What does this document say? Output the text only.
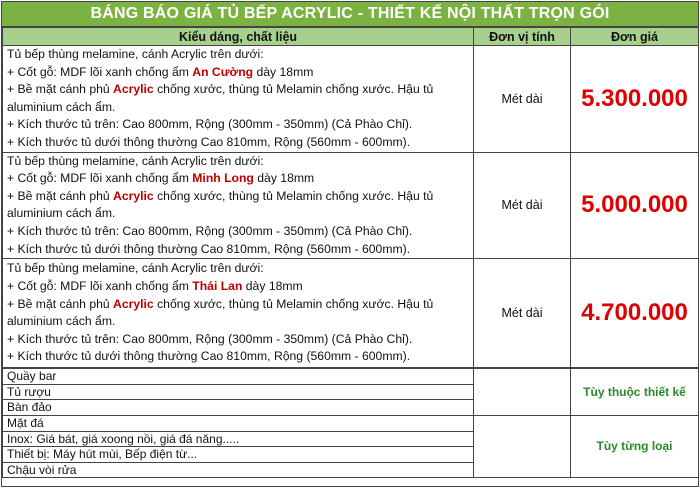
BÁNG BÁO GIÁ TỦ BẾP ACRYLIC - THIẾT KẾ NỘI THẤT TRỌN GÓI
Kiểu dáng, chất liệu	Đơn vị tính	Đơn giá

Tủ bếp thùng melamine, cánh Acrylic trên dưới:
+ Cốt gỗ: MDF lõi xanh chống ẩm An Cường dày 18mm
+ Bề mặt cánh phủ Acrylic chống xước, thùng tủ Melamin chống xước. Hậu tủ aluminium cách ẩm.
+ Kích thước tủ trên: Cao 800mm, Rộng (300mm - 350mm) (Cả Phào Chỉ).
+ Kích thước tủ dưới thông thường Cao 810mm, Rộng (560mm - 600mm).	Mét dài	5.300.000

Tủ bếp thùng melamine, cánh Acrylic trên dưới:
+ Cốt gỗ: MDF lõi xanh chống ẩm Minh Long dày 18mm
+ Bề mặt cánh phủ Acrylic chống xước, thùng tủ Melamin chống xước. Hậu tủ aluminium cách ẩm.
+ Kích thước tủ trên: Cao 800mm, Rộng (300mm - 350mm) (Cả Phào Chỉ).
+ Kích thước tủ dưới thông thường Cao 810mm, Rộng (560mm - 600mm).	Mét dài	5.000.000

Tủ bếp thùng melamine, cánh Acrylic trên dưới:
+ Cốt gỗ: MDF lõi xanh chống ẩm Thái Lan dày 18mm
+ Bề mặt cánh phủ Acrylic chống xước, thùng tủ Melamin chống xước. Hậu tủ aluminium cách ẩm.
+ Kích thước tủ trên: Cao 800mm, Rộng (300mm - 350mm) (Cả Phào Chỉ).
+ Kích thước tủ dưới thông thường Cao 810mm, Rộng (560mm - 600mm).	Mét dài	4.700.000
Quầy bar		Tùy thuộc thiết kế
Tủ rượu		
Bàn đảo		
Mặt đá		Tùy từng loại
Inox: Giá bát, giá xoong nồi, giá đá năng.....		
Thiết bị: Máy hút mùi, Bếp điện từ...		
Chậu vòi rửa		
